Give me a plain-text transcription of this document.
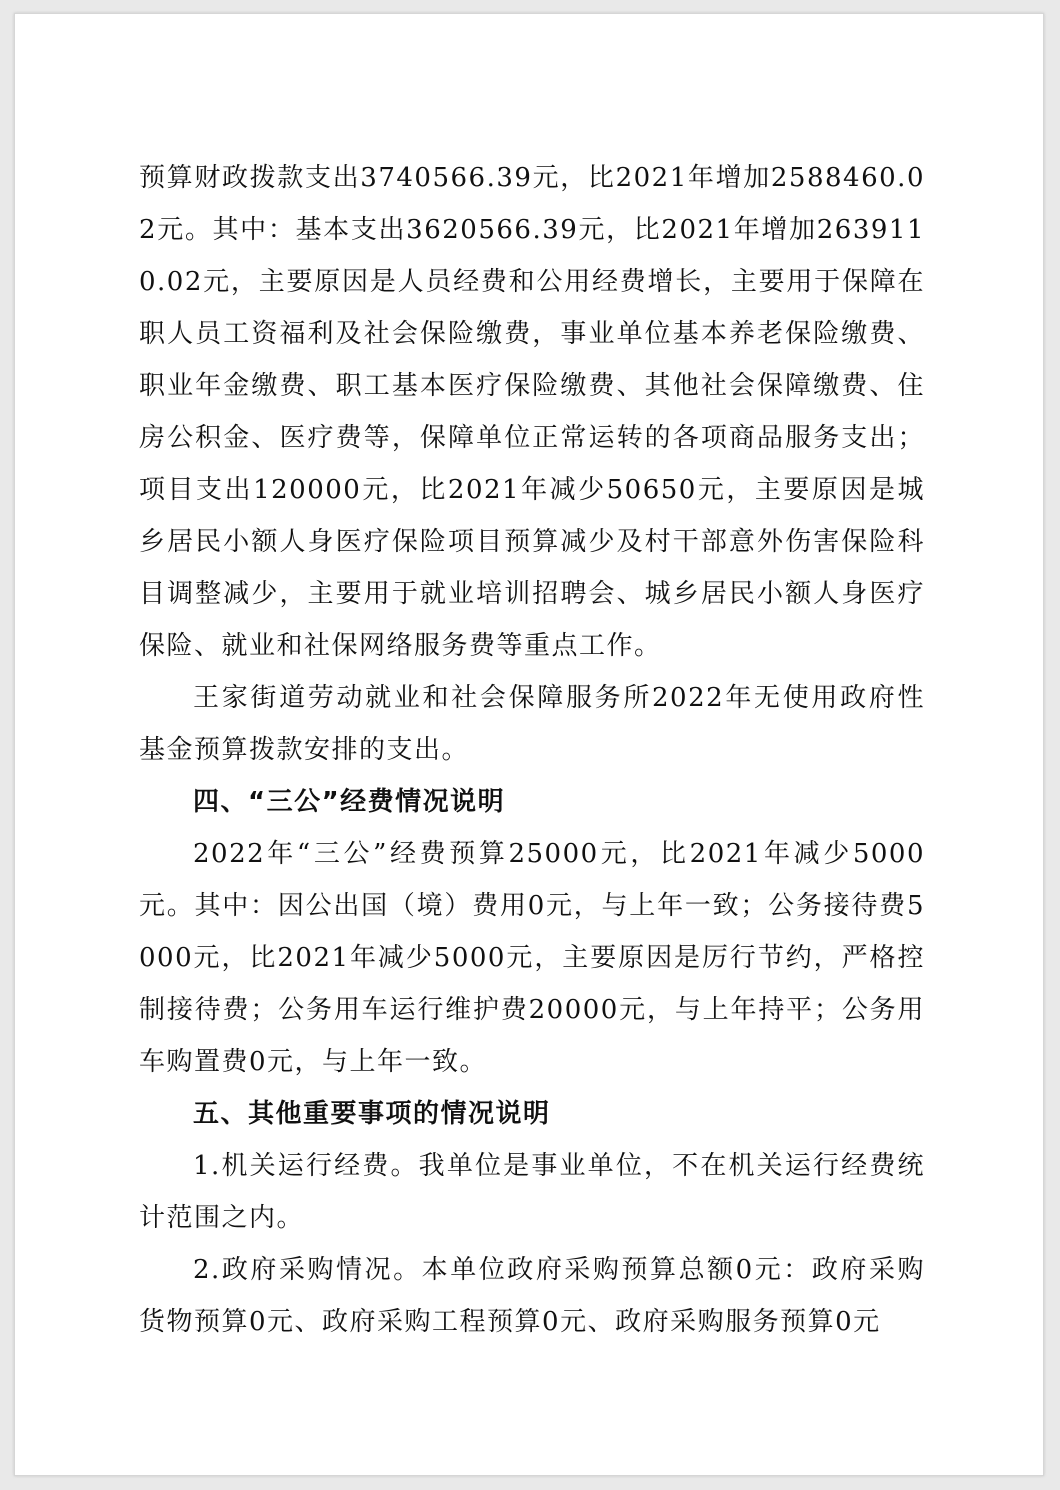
预算财政拨款支出3740566.39元，比2021年增加2588460.02元。其中：基本支出3620566.39元，比2021年增加2639110.02元，主要原因是人员经费和公用经费增长，主要用于保障在职人员工资福利及社会保险缴费，事业单位基本养老保险缴费、职业年金缴费、职工基本医疗保险缴费、其他社会保障缴费、住房公积金、医疗费等，保障单位正常运转的各项商品服务支出；项目支出120000元，比2021年减少50650元，主要原因是城乡居民小额人身医疗保险项目预算减少及村干部意外伤害保险科目调整减少，主要用于就业培训招聘会、城乡居民小额人身医疗保险、就业和社保网络服务费等重点工作。

王家街道劳动就业和社会保障服务所2022年无使用政府性基金预算拨款安排的支出。

四、“三公”经费情况说明

2022年“三公”经费预算25000元，比2021年减少5000元。其中：因公出国（境）费用0元，与上年一致；公务接待费5000元，比2021年减少5000元，主要原因是厉行节约，严格控制接待费；公务用车运行维护费20000元，与上年持平；公务用车购置费0元，与上年一致。

五、其他重要事项的情况说明

1.机关运行经费。我单位是事业单位，不在机关运行经费统计范围之内。

2.政府采购情况。本单位政府采购预算总额0元：政府采购货物预算0元、政府采购工程预算0元、政府采购服务预算0元
